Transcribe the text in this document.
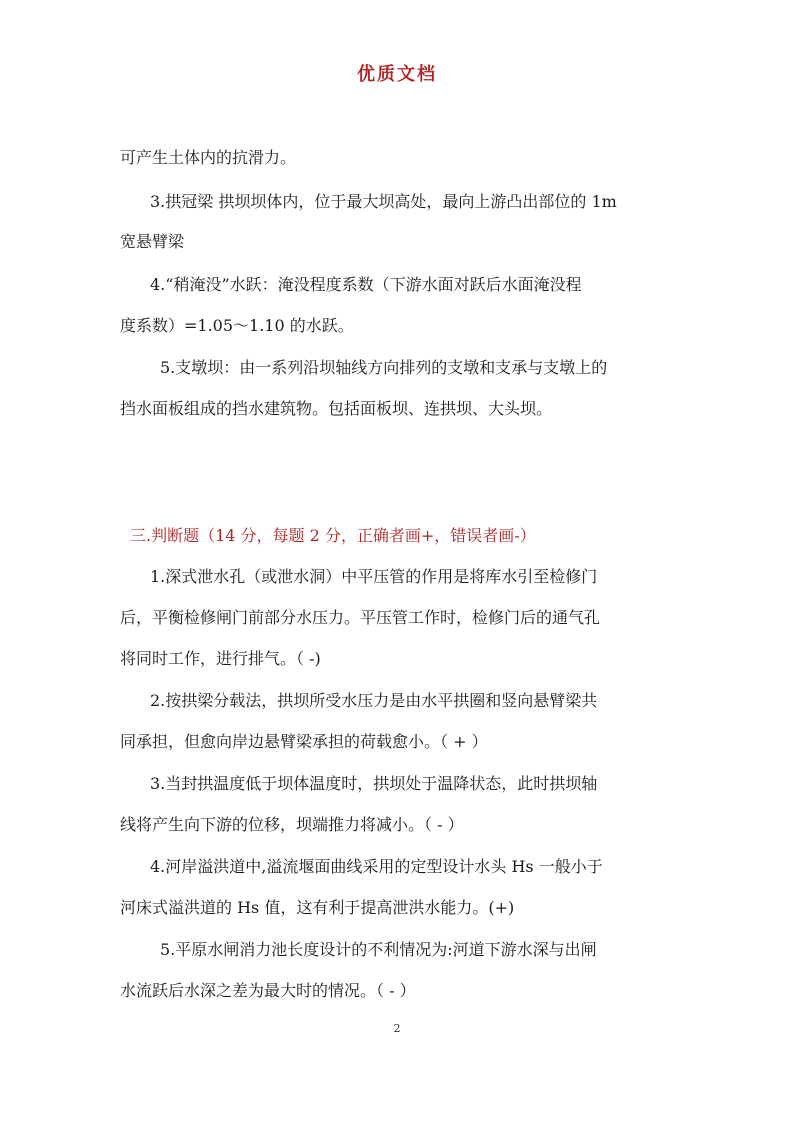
优质文档
可产生土体内的抗滑力。
3.拱冠梁 拱坝坝体内，位于最大坝高处，最向上游凸出部位的 1m
宽悬臂梁
4.“稍淹没”水跃：淹没程度系数（下游水面对跃后水面淹没程
度系数）=1.05～1.10 的水跃。
5.支墩坝：由一系列沿坝轴线方向排列的支墩和支承与支墩上的
挡水面板组成的挡水建筑物。包括面板坝、连拱坝、大头坝。
三.判断题（14 分，每题 2 分，正确者画+，错误者画-）
1.深式泄水孔（或泄水洞）中平压管的作用是将库水引至检修门
后，平衡检修闸门前部分水压力。平压管工作时，检修门后的通气孔
将同时工作，进行排气。（ -)
2.按拱梁分载法，拱坝所受水压力是由水平拱圈和竖向悬臂梁共
同承担，但愈向岸边悬臂梁承担的荷载愈小。（ + ）
3.当封拱温度低于坝体温度时，拱坝处于温降状态，此时拱坝轴
线将产生向下游的位移，坝端推力将减小。（ - ）
4.河岸溢洪道中,溢流堰面曲线采用的定型设计水头 Hs 一般小于
河床式溢洪道的 Hs 值，这有利于提高泄洪水能力。(+)
5.平原水闸消力池长度设计的不利情况为:河道下游水深与出闸
水流跃后水深之差为最大时的情况。（ - ）
2
